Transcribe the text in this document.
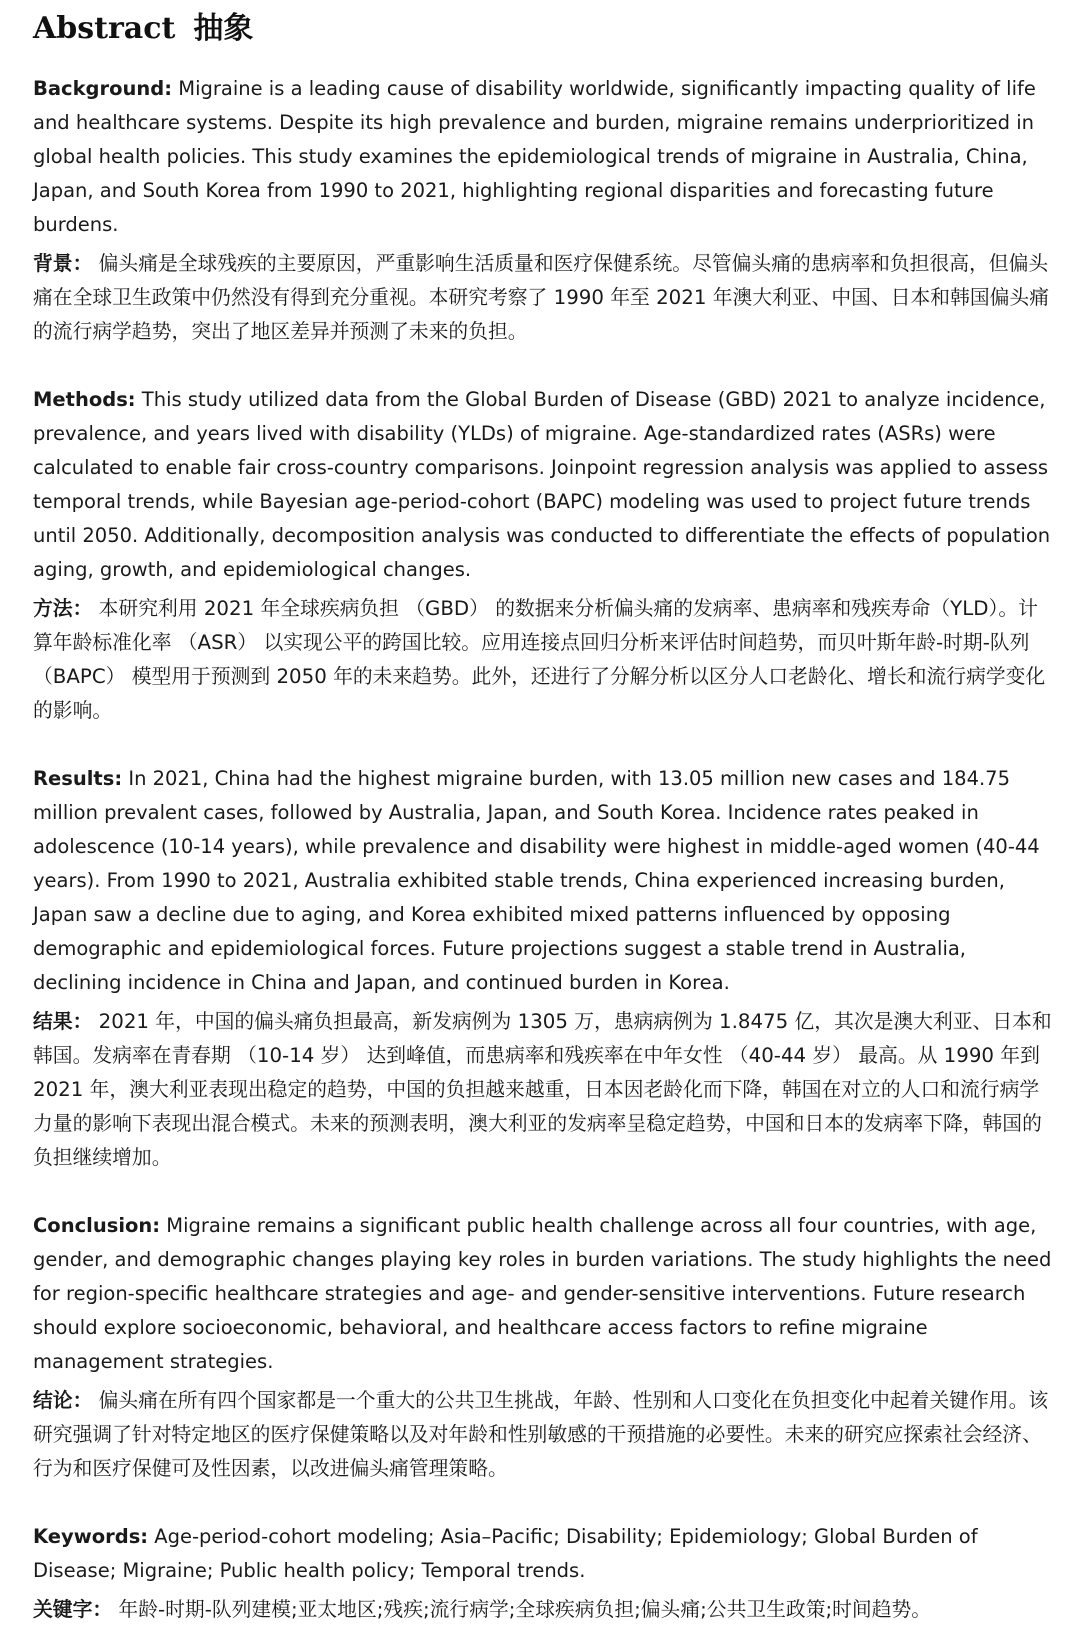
Abstract 抽象

Background: Migraine is a leading cause of disability worldwide, significantly impacting quality of life and healthcare systems. Despite its high prevalence and burden, migraine remains underprioritized in global health policies. This study examines the epidemiological trends of migraine in Australia, China, Japan, and South Korea from 1990 to 2021, highlighting regional disparities and forecasting future burdens.

背景： 偏头痛是全球残疾的主要原因，严重影响生活质量和医疗保健系统。尽管偏头痛的患病率和负担很高，但偏头痛在全球卫生政策中仍然没有得到充分重视。本研究考察了 1990 年至 2021 年澳大利亚、中国、日本和韩国偏头痛的流行病学趋势，突出了地区差异并预测了未来的负担。

Methods: This study utilized data from the Global Burden of Disease (GBD) 2021 to analyze incidence, prevalence, and years lived with disability (YLDs) of migraine. Age-standardized rates (ASRs) were calculated to enable fair cross-country comparisons. Joinpoint regression analysis was applied to assess temporal trends, while Bayesian age-period-cohort (BAPC) modeling was used to project future trends until 2050. Additionally, decomposition analysis was conducted to differentiate the effects of population aging, growth, and epidemiological changes.

方法： 本研究利用 2021 年全球疾病负担 （GBD） 的数据来分析偏头痛的发病率、患病率和残疾寿命（YLD）。计算年龄标准化率 （ASR） 以实现公平的跨国比较。应用连接点回归分析来评估时间趋势，而贝叶斯年龄-时期-队列 （BAPC） 模型用于预测到 2050 年的未来趋势。此外，还进行了分解分析以区分人口老龄化、增长和流行病学变化的影响。

Results: In 2021, China had the highest migraine burden, with 13.05 million new cases and 184.75 million prevalent cases, followed by Australia, Japan, and South Korea. Incidence rates peaked in adolescence (10-14 years), while prevalence and disability were highest in middle-aged women (40-44 years). From 1990 to 2021, Australia exhibited stable trends, China experienced increasing burden, Japan saw a decline due to aging, and Korea exhibited mixed patterns influenced by opposing demographic and epidemiological forces. Future projections suggest a stable trend in Australia, declining incidence in China and Japan, and continued burden in Korea.

结果： 2021 年，中国的偏头痛负担最高，新发病例为 1305 万，患病病例为 1.8475 亿，其次是澳大利亚、日本和韩国。发病率在青春期 （10-14 岁） 达到峰值，而患病率和残疾率在中年女性 （40-44 岁） 最高。从 1990 年到 2021 年，澳大利亚表现出稳定的趋势，中国的负担越来越重，日本因老龄化而下降，韩国在对立的人口和流行病学力量的影响下表现出混合模式。未来的预测表明，澳大利亚的发病率呈稳定趋势，中国和日本的发病率下降，韩国的负担继续增加。

Conclusion: Migraine remains a significant public health challenge across all four countries, with age, gender, and demographic changes playing key roles in burden variations. The study highlights the need for region-specific healthcare strategies and age- and gender-sensitive interventions. Future research should explore socioeconomic, behavioral, and healthcare access factors to refine migraine management strategies.

结论： 偏头痛在所有四个国家都是一个重大的公共卫生挑战，年龄、性别和人口变化在负担变化中起着关键作用。该研究强调了针对特定地区的医疗保健策略以及对年龄和性别敏感的干预措施的必要性。未来的研究应探索社会经济、行为和医疗保健可及性因素，以改进偏头痛管理策略。

Keywords: Age-period-cohort modeling; Asia–Pacific; Disability; Epidemiology; Global Burden of Disease; Migraine; Public health policy; Temporal trends.

关键字： 年龄-时期-队列建模;亚太地区;残疾;流行病学;全球疾病负担;偏头痛;公共卫生政策;时间趋势。
